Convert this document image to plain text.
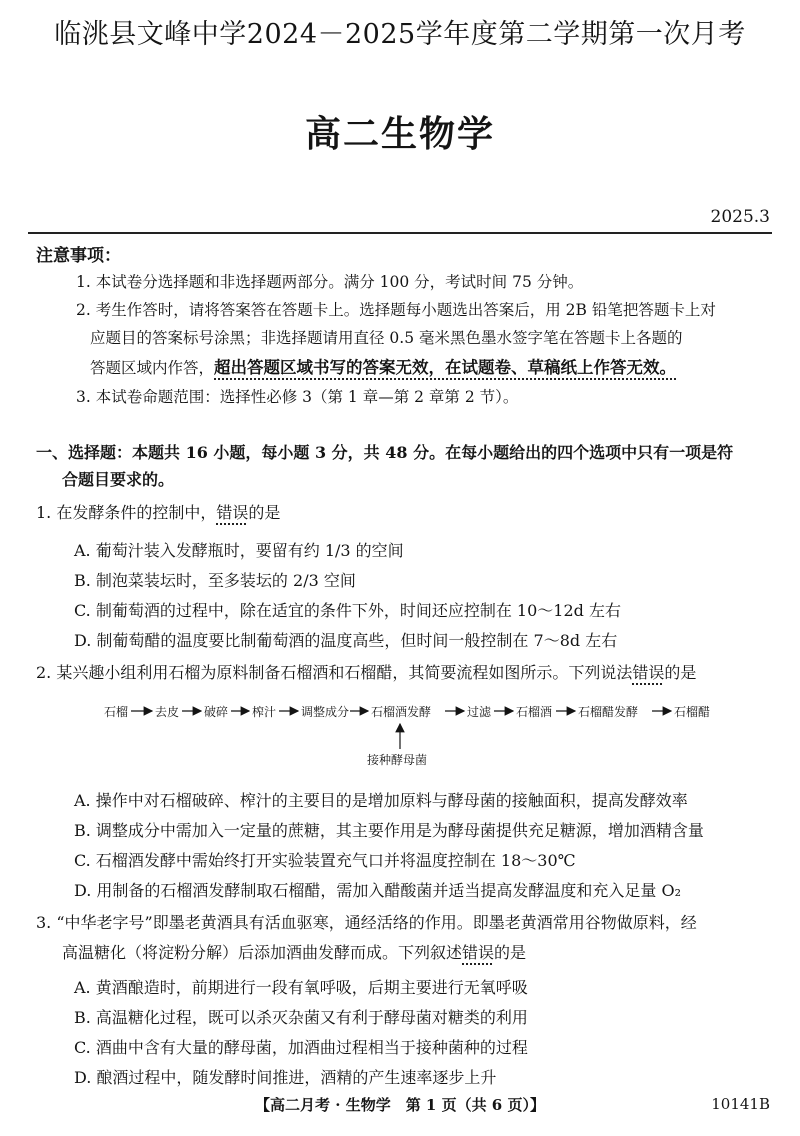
临洮县文峰中学2024－2025学年度第二学期第一次月考
高二生物学
2025.3
注意事项：
1. 本试卷分选择题和非选择题两部分。满分 100 分，考试时间 75 分钟。
2. 考生作答时，请将答案答在答题卡上。选择题每小题选出答案后，用 2B 铅笔把答题卡上对
应题目的答案标号涂黑；非选择题请用直径 0.5 毫米黑色墨水签字笔在答题卡上各题的
答题区域内作答，超出答题区域书写的答案无效，在试题卷、草稿纸上作答无效。
3. 本试卷命题范围：选择性必修 3（第 1 章—第 2 章第 2 节）。
一、选择题：本题共 16 小题，每小题 3 分，共 48 分。在每小题给出的四个选项中只有一项是符
合题目要求的。
1. 在发酵条件的控制中，错误的是
A. 葡萄汁装入发酵瓶时，要留有约 1/3 的空间
B. 制泡菜装坛时，至多装坛的 2/3 空间
C. 制葡萄酒的过程中，除在适宜的条件下外，时间还应控制在 10～12d 左右
D. 制葡萄醋的温度要比制葡萄酒的温度高些，但时间一般控制在 7～8d 左右
2. 某兴趣小组利用石榴为原料制备石榴酒和石榴醋，其简要流程如图所示。下列说法错误的是
石榴 去皮 破碎 榨汁 调整成分 石榴酒发酵	过滤 石榴酒 石榴醋发酵	石榴醋
接种酵母菌
A. 操作中对石榴破碎、榨汁的主要目的是增加原料与酵母菌的接触面积，提高发酵效率
B. 调整成分中需加入一定量的蔗糖，其主要作用是为酵母菌提供充足糖源，增加酒精含量
C. 石榴酒发酵中需始终打开实验装置充气口并将温度控制在 18～30℃
D. 用制备的石榴酒发酵制取石榴醋，需加入醋酸菌并适当提高发酵温度和充入足量 O₂
3. “中华老字号”即墨老黄酒具有活血驱寒，通经活络的作用。即墨老黄酒常用谷物做原料，经
高温糖化（将淀粉分解）后添加酒曲发酵而成。下列叙述错误的是
A. 黄酒酿造时，前期进行一段有氧呼吸，后期主要进行无氧呼吸
B. 高温糖化过程，既可以杀灭杂菌又有利于酵母菌对糖类的利用
C. 酒曲中含有大量的酵母菌，加酒曲过程相当于接种菌种的过程
D. 酿酒过程中，随发酵时间推进，酒精的产生速率逐步上升
【高二月考 · 生物学　第 1 页（共 6 页）】	10141B
